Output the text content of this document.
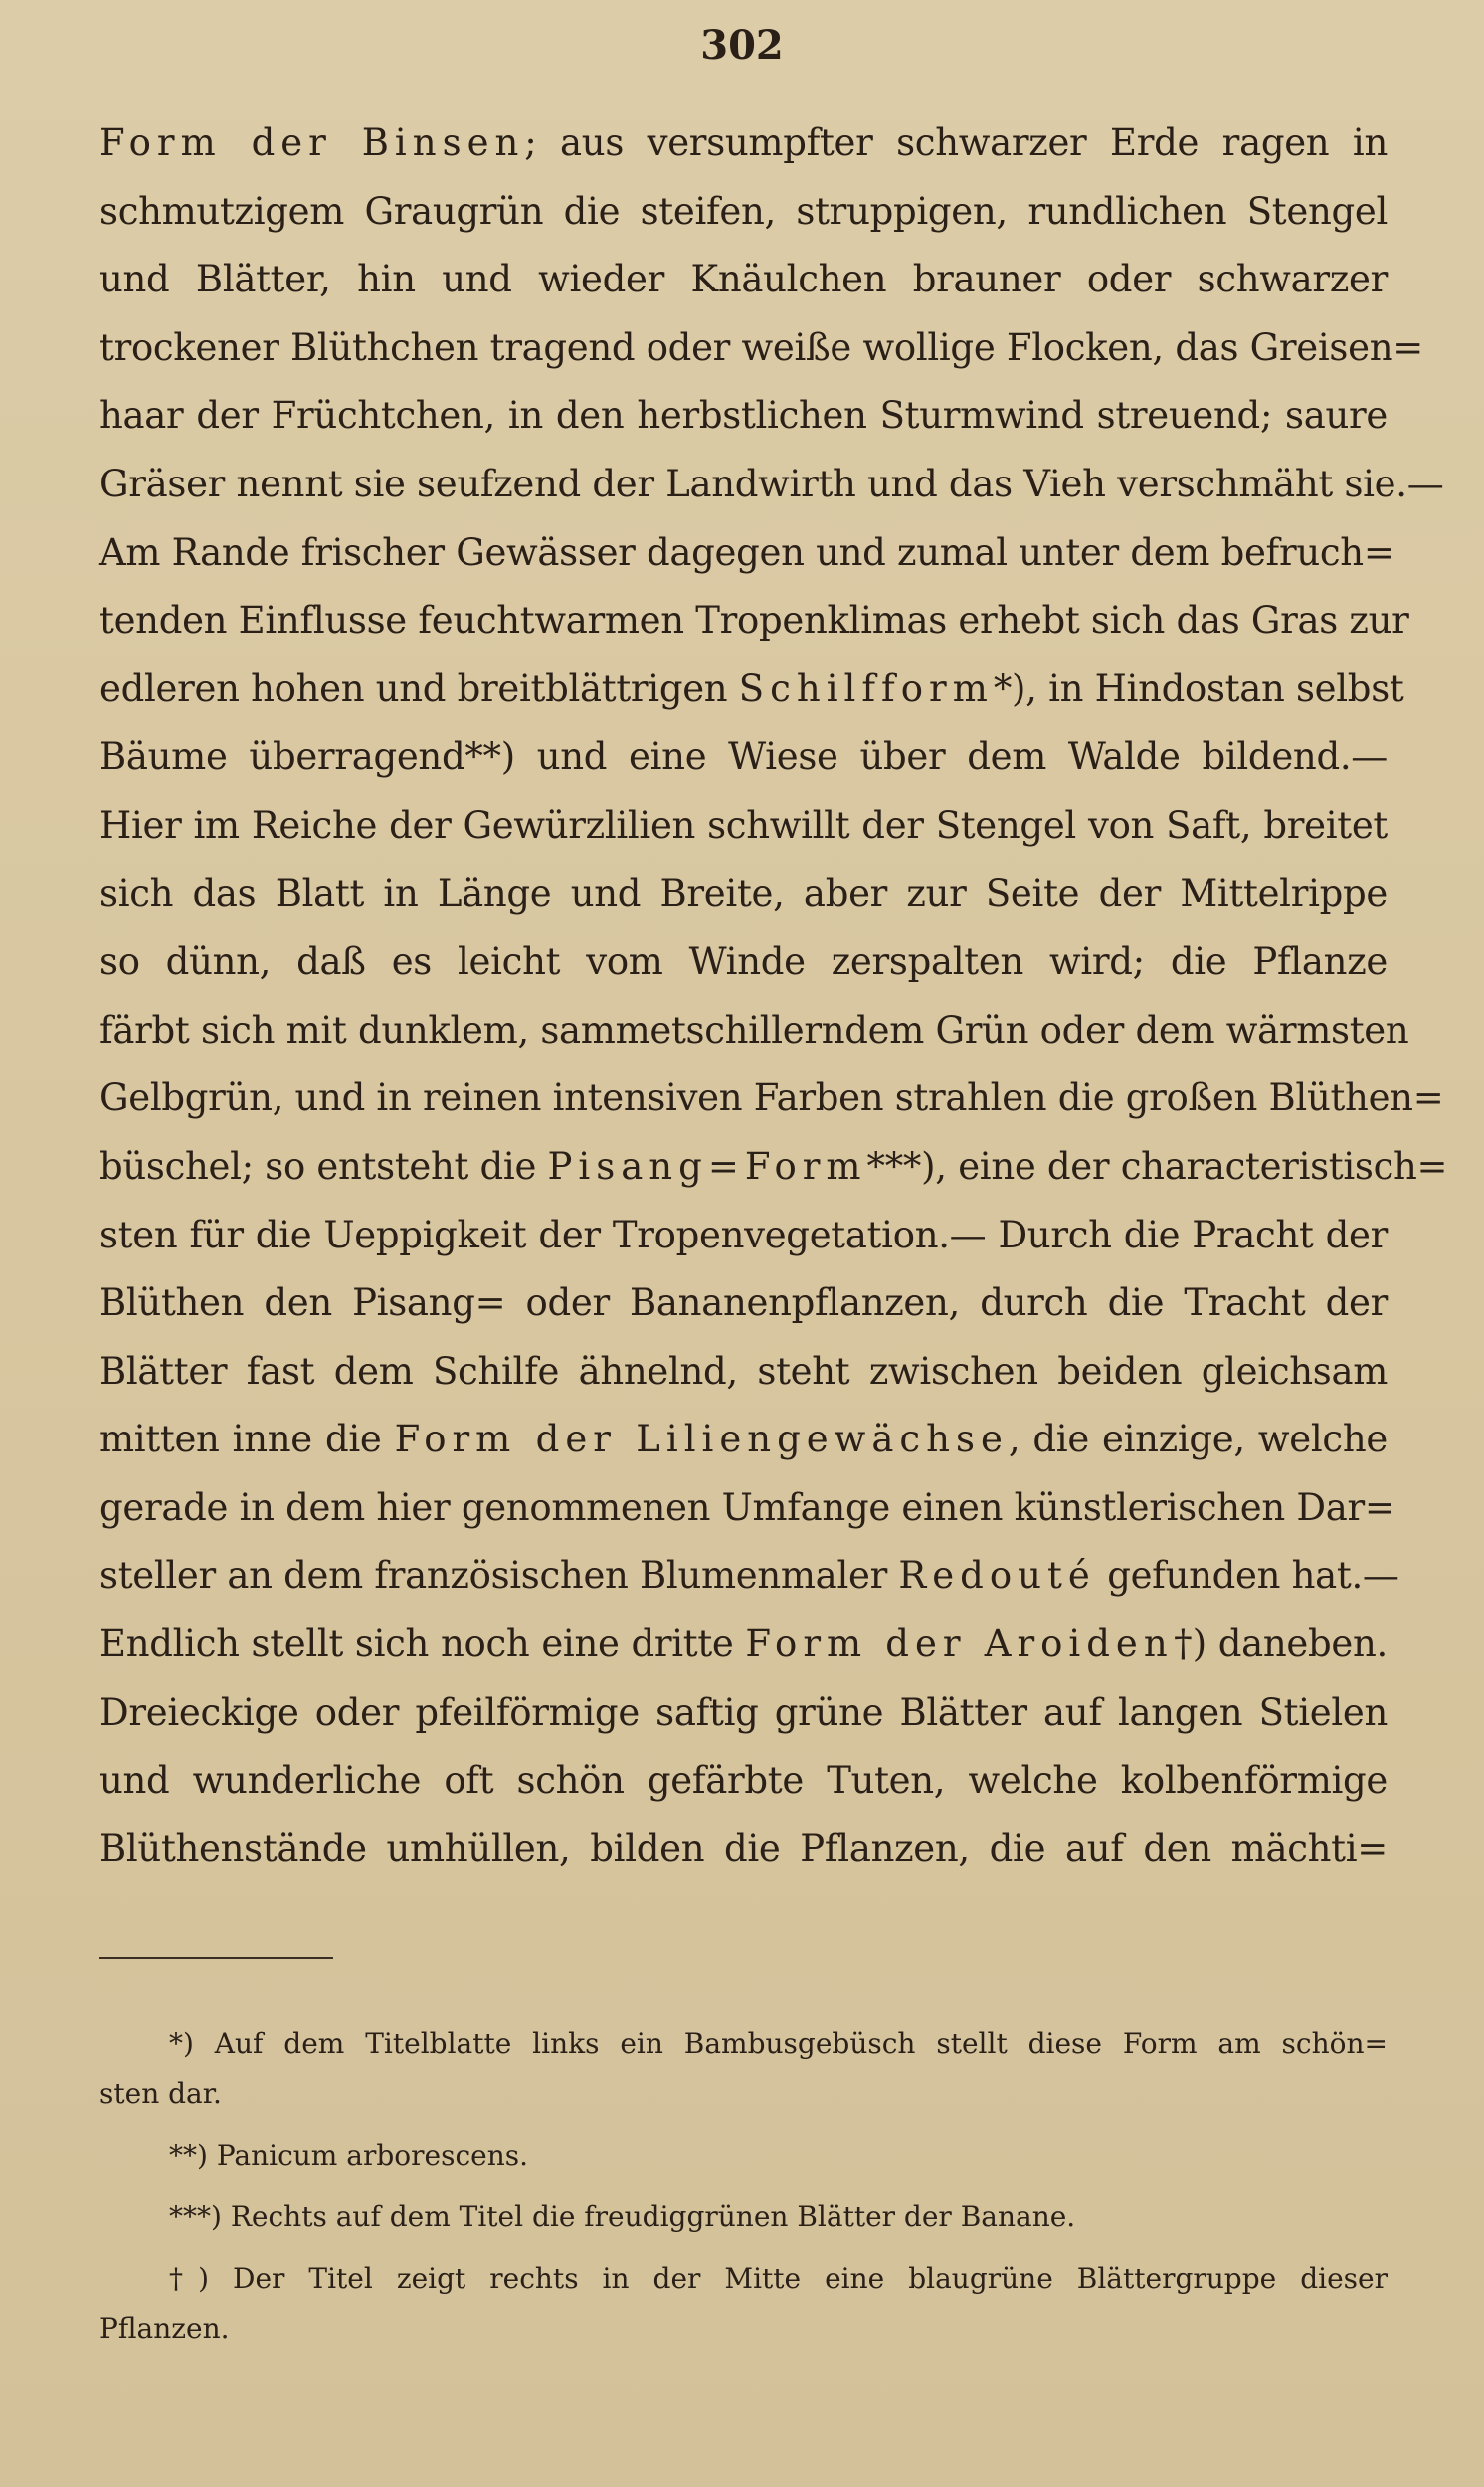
302
Form der Binsen; aus versumpfter schwarzer Erde ragen in
schmutzigem Graugrün die steifen, struppigen, rundlichen Stengel
und Blätter, hin und wieder Knäulchen brauner oder schwarzer
trockener Blüthchen tragend oder weiße wollige Flocken, das Greisen=
haar der Früchtchen, in den herbstlichen Sturmwind streuend; saure
Gräser nennt sie seufzend der Landwirth und das Vieh verschmäht sie.—
Am Rande frischer Gewässer dagegen und zumal unter dem befruch=
tenden Einflusse feuchtwarmen Tropenklimas erhebt sich das Gras zur
edleren hohen und breitblättrigen Schilfform*), in Hindostan selbst
Bäume überragend**) und eine Wiese über dem Walde bildend.—
Hier im Reiche der Gewürzlilien schwillt der Stengel von Saft, breitet
sich das Blatt in Länge und Breite, aber zur Seite der Mittelrippe
so dünn, daß es leicht vom Winde zerspalten wird; die Pflanze
färbt sich mit dunklem, sammetschillerndem Grün oder dem wärmsten
Gelbgrün, und in reinen intensiven Farben strahlen die großen Blüthen=
büschel; so entsteht die Pisang=Form***), eine der characteristisch=
sten für die Ueppigkeit der Tropenvegetation.— Durch die Pracht der
Blüthen den Pisang= oder Bananenpflanzen, durch die Tracht der
Blätter fast dem Schilfe ähnelnd, steht zwischen beiden gleichsam
mitten inne die Form der Liliengewächse, die einzige, welche
gerade in dem hier genommenen Umfange einen künstlerischen Dar=
steller an dem französischen Blumenmaler Redouté gefunden hat.—
Endlich stellt sich noch eine dritte Form der Aroiden†) daneben.
Dreieckige oder pfeilförmige saftig grüne Blätter auf langen Stielen
und wunderliche oft schön gefärbte Tuten, welche kolbenförmige
Blüthenstände umhüllen, bilden die Pflanzen, die auf den mächti=
*) Auf dem Titelblatte links ein Bambusgebüsch stellt diese Form am schön=
sten dar.
**) Panicum arborescens.
***) Rechts auf dem Titel die freudiggrünen Blätter der Banane.
†) Der Titel zeigt rechts in der Mitte eine blaugrüne Blättergruppe dieser
Pflanzen.
